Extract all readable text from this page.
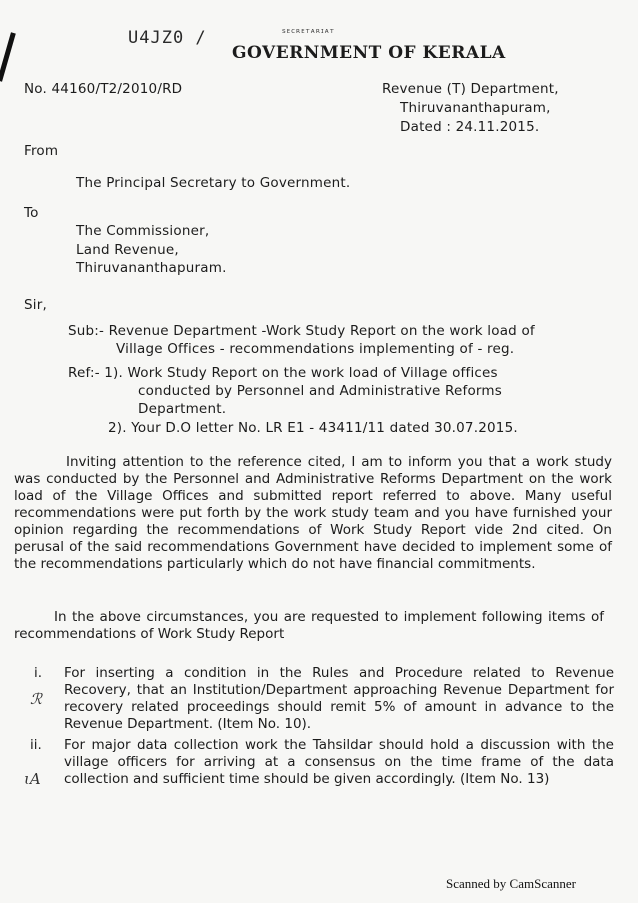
U4JZ0 /	ꜱᴇᴄʀᴇᴛᴀʀɪᴀᴛ
GOVERNMENT OF KERALA
No. 44160/T2/2010/RD	Revenue (T) Department,
Thiruvananthapuram,
Dated : 24.11.2015.
From
The Principal Secretary to Government.
To
The Commissioner,
Land Revenue,
Thiruvananthapuram.
Sir,
Sub:- Revenue Department -Work Study Report on the work load of
Village Offices - recommendations implementing of - reg.
Ref:- 1). Work Study Report on the work load of Village offices
conducted by Personnel and Administrative Reforms
Department.
2). Your D.O letter No. LR E1 - 43411/11 dated 30.07.2015.
Inviting attention to the reference cited, I am to inform you that a work study was conducted by the Personnel and Administrative Reforms Department on the work load of the Village Offices and submitted report referred to above. Many useful recommendations were put forth by the work study team and you have furnished your opinion regarding the recommendations of Work Study Report vide 2nd cited. On perusal of the said recommendations Government have decided to implement some of the recommendations particularly which do not have financial commitments.
In the above circumstances, you are requested to implement following items of recommendations of Work Study Report
i. For inserting a condition in the Rules and Procedure related to Revenue Recovery, that an Institution/Department approaching Revenue Department for recovery related proceedings should remit 5% of amount in advance to the Revenue Department. (Item No. 10).
ii. For major data collection work the Tahsildar should hold a discussion with the village officers for arriving at a consensus on the time frame of the data collection and sufficient time should be given accordingly. (Item No. 13)
ℛ
ɩA
Scanned by CamScanner
